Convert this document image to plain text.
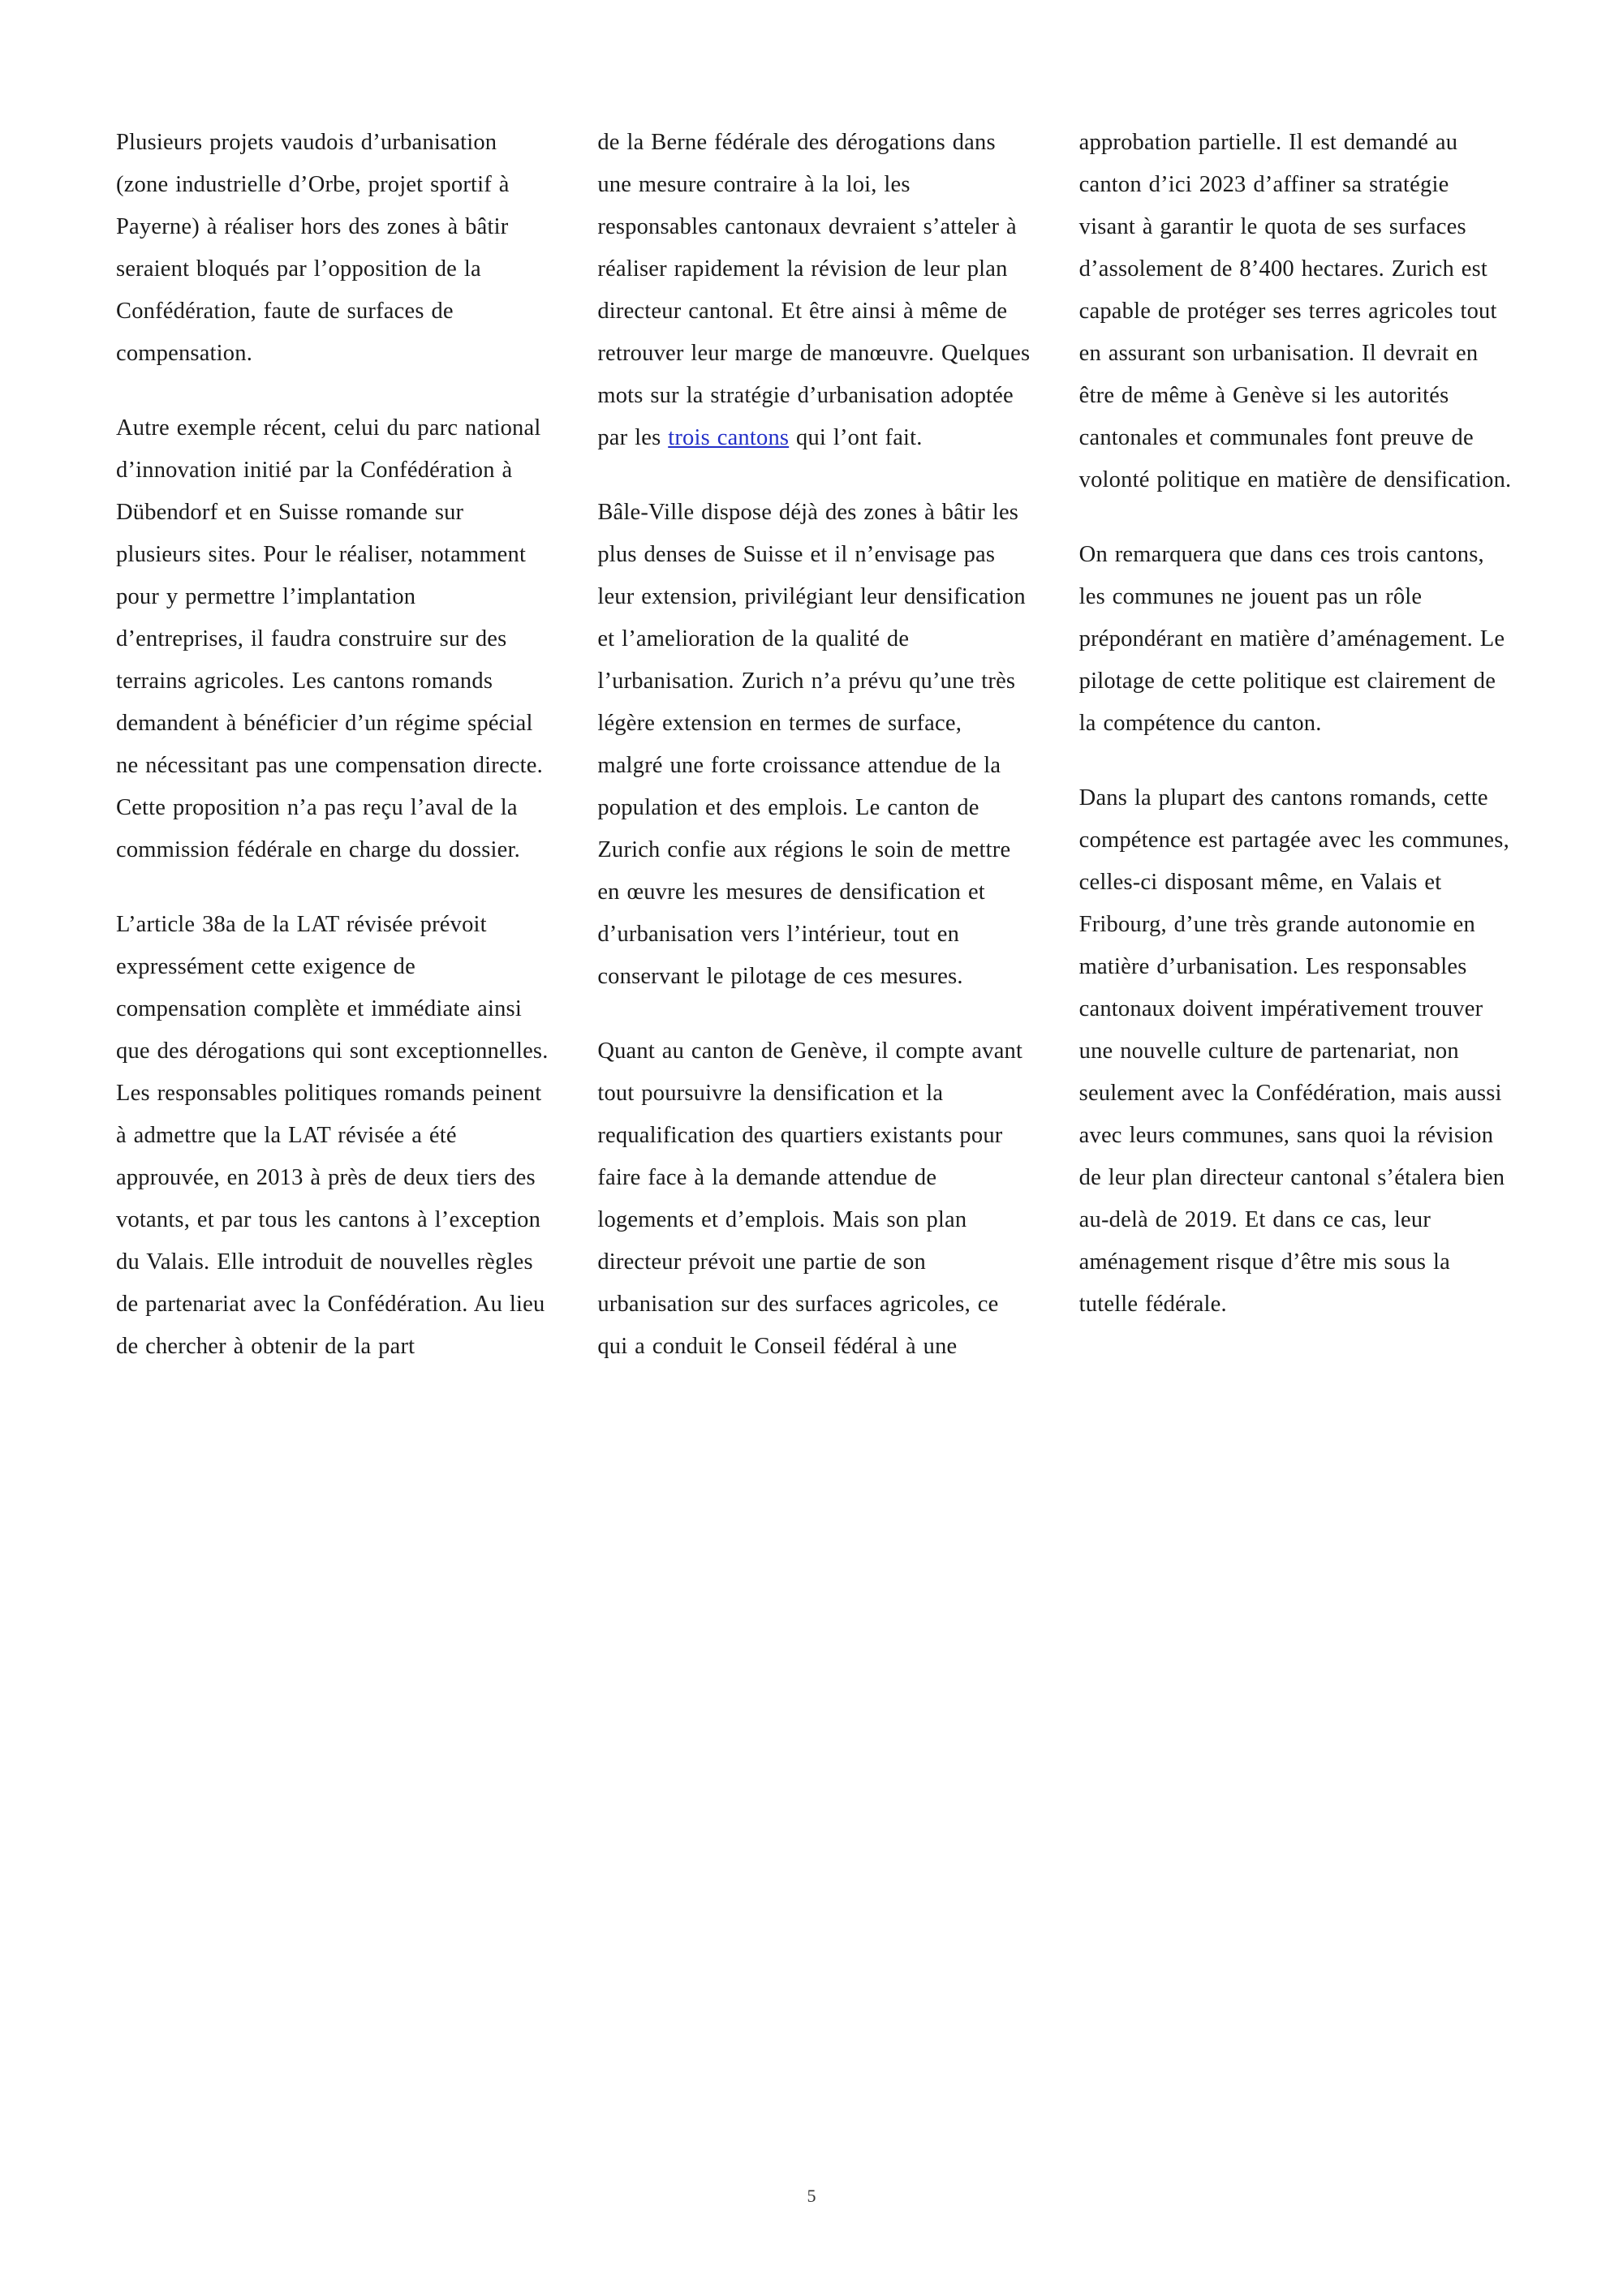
Plusieurs projets vaudois d’urbanisation (zone industrielle d’Orbe, projet sportif à Payerne) à réaliser hors des zones à bâtir seraient bloqués par l’opposition de la Confédération, faute de surfaces de compensation.

Autre exemple récent, celui du parc national d’innovation initié par la Confédération à Dübendorf et en Suisse romande sur plusieurs sites. Pour le réaliser, notamment pour y permettre l’implantation d’entreprises, il faudra construire sur des terrains agricoles. Les cantons romands demandent à bénéficier d’un régime spécial ne nécessitant pas une compensation directe. Cette proposition n’a pas reçu l’aval de la commission fédérale en charge du dossier.

L’article 38a de la LAT révisée prévoit expressément cette exigence de compensation complète et immédiate ainsi que des dérogations qui sont exceptionnelles. Les responsables politiques romands peinent à admettre que la LAT révisée a été approuvée, en 2013 à près de deux tiers des votants, et par tous les cantons à l’exception du Valais. Elle introduit de nouvelles règles de partenariat avec la Confédération. Au lieu de chercher à obtenir de la part

de la Berne fédérale des dérogations dans une mesure contraire à la loi, les responsables cantonaux devraient s’atteler à réaliser rapidement la révision de leur plan directeur cantonal. Et être ainsi à même de retrouver leur marge de manœuvre. Quelques mots sur la stratégie d’urbanisation adoptée par les trois cantons qui l’ont fait.

Bâle-Ville dispose déjà des zones à bâtir les plus denses de Suisse et il n’envisage pas leur extension, privilégiant leur densification et l’amelioration de la qualité de l’urbanisation. Zurich n’a prévu qu’une très légère extension en termes de surface, malgré une forte croissance attendue de la population et des emplois. Le canton de Zurich confie aux régions le soin de mettre en œuvre les mesures de densification et d’urbanisation vers l’intérieur, tout en conservant le pilotage de ces mesures.

Quant au canton de Genève, il compte avant tout poursuivre la densification et la requalification des quartiers existants pour faire face à la demande attendue de logements et d’emplois. Mais son plan directeur prévoit une partie de son urbanisation sur des surfaces agricoles, ce qui a conduit le Conseil fédéral à une

approbation partielle. Il est demandé au canton d’ici 2023 d’affiner sa stratégie visant à garantir le quota de ses surfaces d’assolement de 8’400 hectares. Zurich est capable de protéger ses terres agricoles tout en assurant son urbanisation. Il devrait en être de même à Genève si les autorités cantonales et communales font preuve de volonté politique en matière de densification.

On remarquera que dans ces trois cantons, les communes ne jouent pas un rôle prépondérant en matière d’aménagement. Le pilotage de cette politique est clairement de la compétence du canton.

Dans la plupart des cantons romands, cette compétence est partagée avec les communes, celles-ci disposant même, en Valais et Fribourg, d’une très grande autonomie en matière d’urbanisation. Les responsables cantonaux doivent impérativement trouver une nouvelle culture de partenariat, non seulement avec la Confédération, mais aussi avec leurs communes, sans quoi la révision de leur plan directeur cantonal s’étalera bien au-delà de 2019. Et dans ce cas, leur aménagement risque d’être mis sous la tutelle fédérale.

5
